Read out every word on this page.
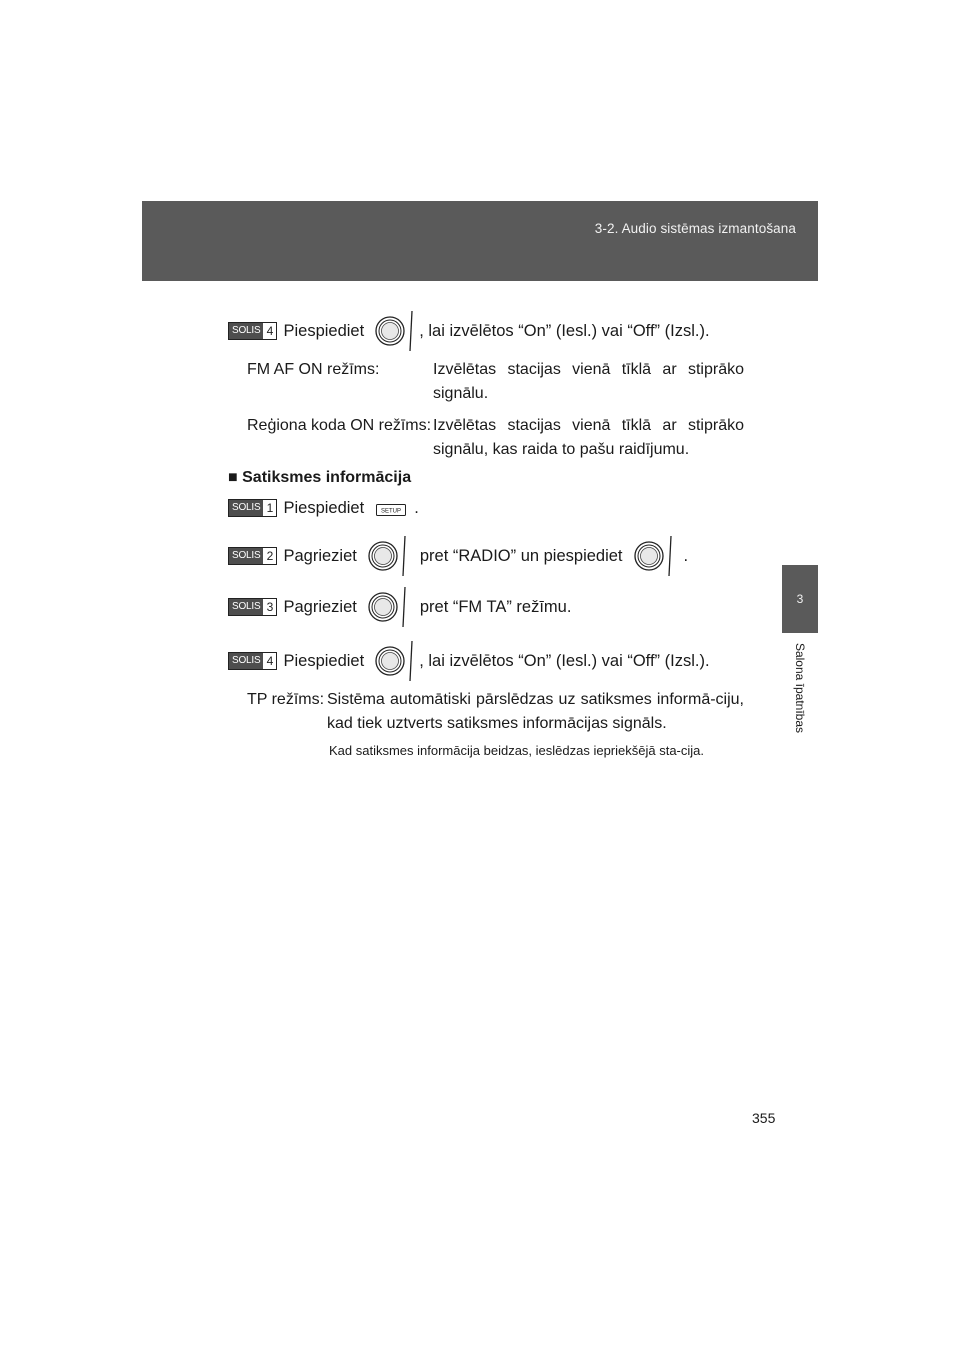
3-2. Audio sistēmas izmantošana
3
Salona īpatnības
SOLIS 4 Piespiediet	, lai izvēlētos “On” (Iesl.) vai “Off” (Izsl.).
FM AF ON režīms:	Izvēlētas stacijas vienā tīklā ar stiprāko signālu.
Reģiona koda ON režīms: Izvēlētas stacijas vienā tīklā ar stiprāko signālu, kas raida to pašu raidījumu.
■ Satiksmes informācija
SOLIS 1 Piespiediet	SETUP .
SOLIS 2 Pagrieziet	pret “RADIO” un piespiediet	.
SOLIS 3 Pagrieziet	pret “FM TA” režīmu.
SOLIS 4 Piespiediet	, lai izvēlētos “On” (Iesl.) vai “Off” (Izsl.).
TP režīms: Sistēma automātiski pārslēdzas uz satiksmes informā-ciju, kad tiek uztverts satiksmes informācijas signāls.
Kad satiksmes informācija beidzas, ieslēdzas iepriekšējā sta-cija.
355
